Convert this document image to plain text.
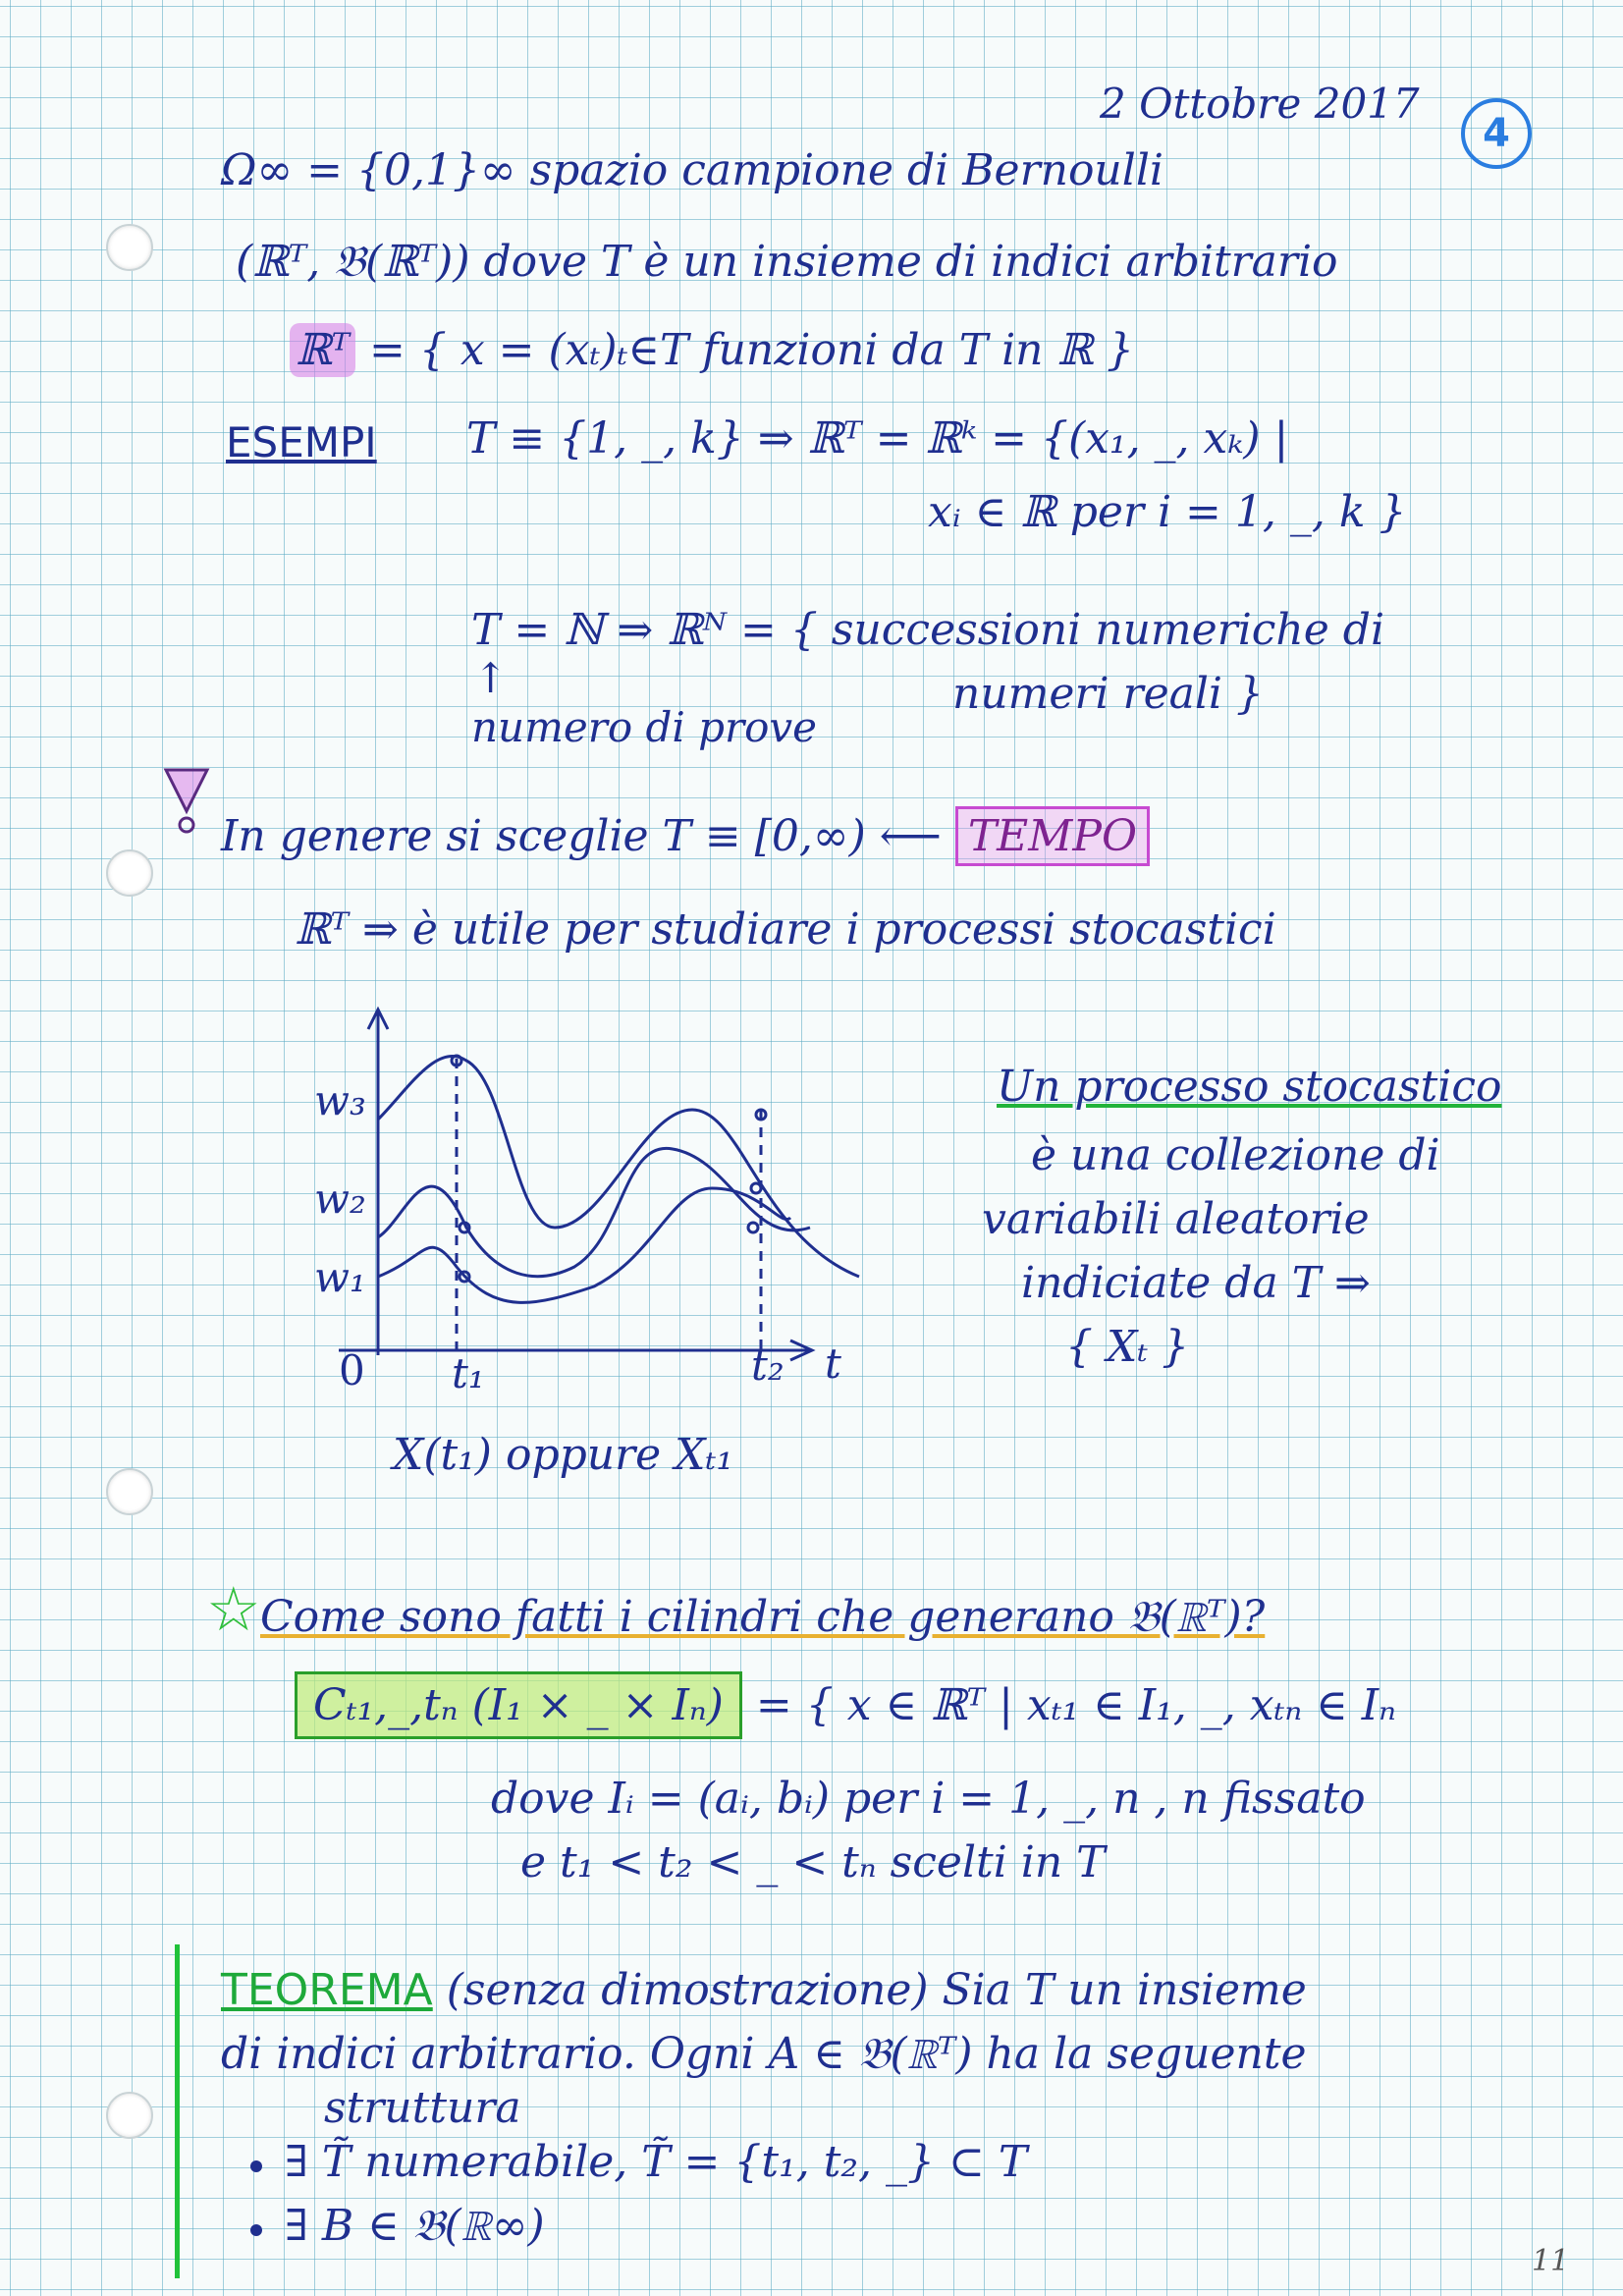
2 Ottobre 2017
4
Ω∞ = {0,1}∞ spazio campione di Bernoulli
(ℝᵀ, 𝔅(ℝᵀ)) dove T è un insieme di indici arbitrario
ℝᵀ = { x = (xₜ)ₜ∈T funzioni da T in ℝ }
ESEMPI T ≡ {1, _, k} ⇒ ℝᵀ = ℝᵏ = {(x₁, _, xₖ) |
xᵢ ∈ ℝ per i = 1, _, k }
T = ℕ ⇒ ℝᴺ = { successioni numeriche di
numeri reali }
↑
numero di prove
In genere si sceglie T ≡ [0,∞) ⟵ TEMPO
ℝᵀ ⇒ è utile per studiare i processi stocastici
w₃
w₂
w₁
0 t₁	t₂ t
X(t₁) oppure Xₜ₁
Un processo stocastico
è una collezione di
variabili aleatorie
indiciate da T ⇒
{ Xₜ }
☆ Come sono fatti i cilindri che generano 𝔅(ℝᵀ)?
Cₜ₁,_,tₙ (I₁ × _ × Iₙ) = { x ∈ ℝᵀ | xₜ₁ ∈ I₁, _, xₜₙ ∈ Iₙ
dove Iᵢ = (aᵢ, bᵢ) per i = 1, _, n , n fissato
e t₁ < t₂ < _ < tₙ scelti in T
TEOREMA (senza dimostrazione) Sia T un insieme
di indici arbitrario. Ogni A ∈ 𝔅(ℝᵀ) ha la seguente
struttura
∃ T̃ numerabile, T̃ = {t₁, t₂, _} ⊂ T
∃ B ∈ 𝔅(ℝ∞)
11
